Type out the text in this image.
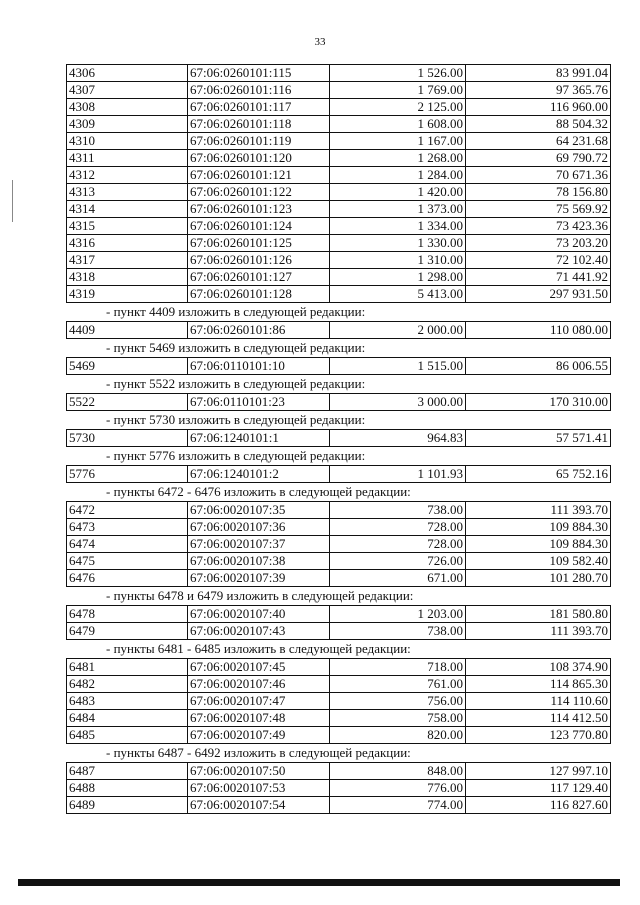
33
4306	67:06:0260101:115	1 526.00	83 991.04
4307	67:06:0260101:116	1 769.00	97 365.76
4308	67:06:0260101:117	2 125.00	116 960.00
4309	67:06:0260101:118	1 608.00	88 504.32
4310	67:06:0260101:119	1 167.00	64 231.68
4311	67:06:0260101:120	1 268.00	69 790.72
4312	67:06:0260101:121	1 284.00	70 671.36
4313	67:06:0260101:122	1 420.00	78 156.80
4314	67:06:0260101:123	1 373.00	75 569.92
4315	67:06:0260101:124	1 334.00	73 423.36
4316	67:06:0260101:125	1 330.00	73 203.20
4317	67:06:0260101:126	1 310.00	72 102.40
4318	67:06:0260101:127	1 298.00	71 441.92
4319	67:06:0260101:128	5 413.00	297 931.50
- пункт 4409 изложить в следующей редакции:
4409	67:06:0260101:86	2 000.00	110 080.00
- пункт 5469 изложить в следующей редакции:
5469	67:06:0110101:10	1 515.00	86 006.55
- пункт 5522 изложить в следующей редакции:
5522	67:06:0110101:23	3 000.00	170 310.00
- пункт 5730 изложить в следующей редакции:
5730	67:06:1240101:1	964.83	57 571.41
- пункт 5776 изложить в следующей редакции:
5776	67:06:1240101:2	1 101.93	65 752.16
- пункты 6472 - 6476 изложить в следующей редакции:
6472	67:06:0020107:35	738.00	111 393.70
6473	67:06:0020107:36	728.00	109 884.30
6474	67:06:0020107:37	728.00	109 884.30
6475	67:06:0020107:38	726.00	109 582.40
6476	67:06:0020107:39	671.00	101 280.70
- пункты 6478 и 6479 изложить в следующей редакции:
6478	67:06:0020107:40	1 203.00	181 580.80
6479	67:06:0020107:43	738.00	111 393.70
- пункты 6481 - 6485 изложить в следующей редакции:
6481	67:06:0020107:45	718.00	108 374.90
6482	67:06:0020107:46	761.00	114 865.30
6483	67:06:0020107:47	756.00	114 110.60
6484	67:06:0020107:48	758.00	114 412.50
6485	67:06:0020107:49	820.00	123 770.80
- пункты 6487 - 6492 изложить в следующей редакции:
6487	67:06:0020107:50	848.00	127 997.10
6488	67:06:0020107:53	776.00	117 129.40
6489	67:06:0020107:54	774.00	116 827.60
